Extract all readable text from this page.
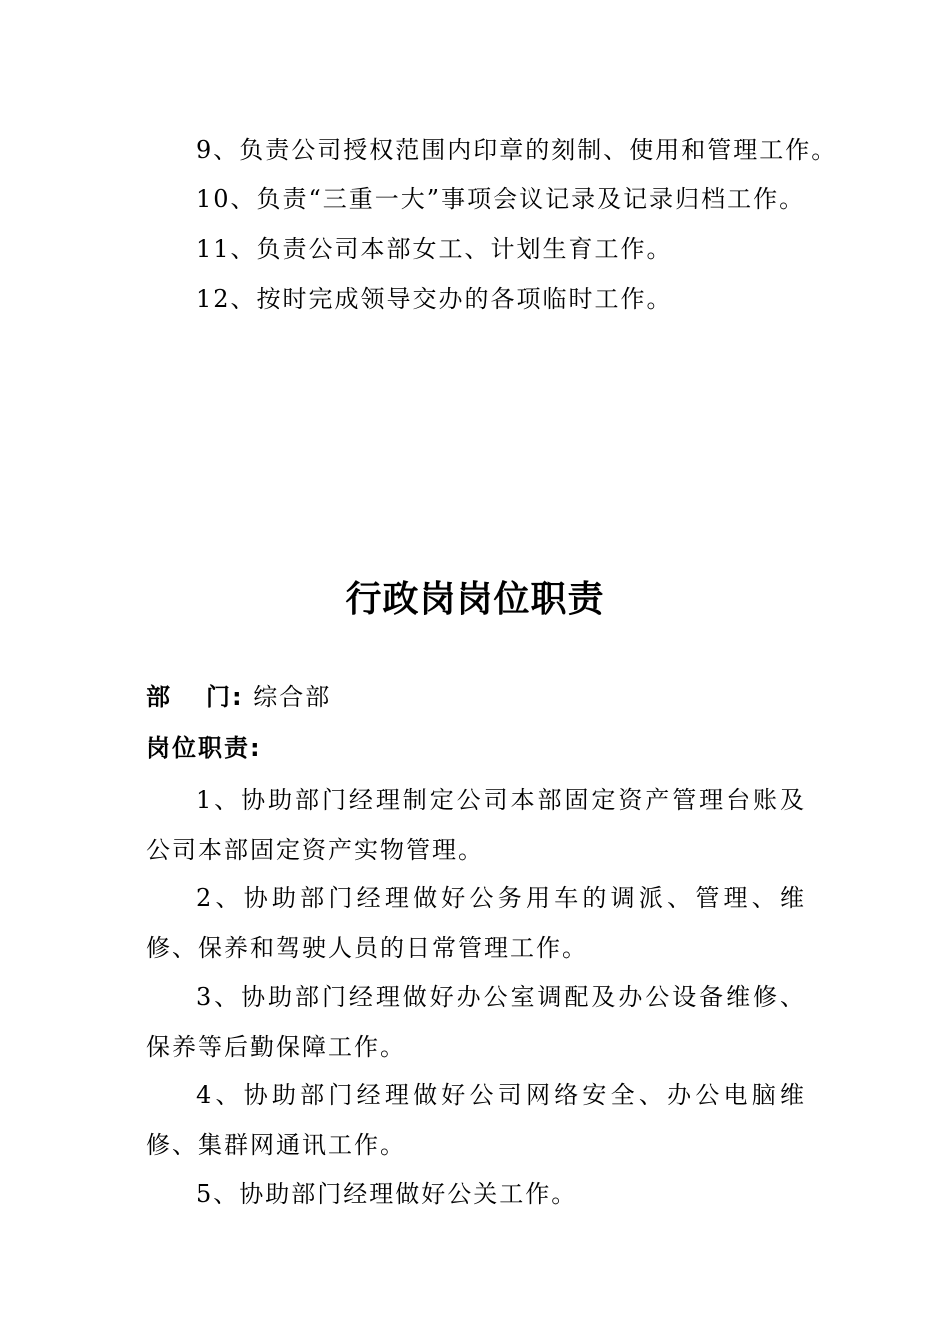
9、负责公司授权范围内印章的刻制、使用和管理工作。
10、负责“三重一大”事项会议记录及记录归档工作。
11、负责公司本部女工、计划生育工作。
12、按时完成领导交办的各项临时工作。
行政岗岗位职责
部 门: 综合部
岗位职责:
1、协助部门经理制定公司本部固定资产管理台账及公司本部固定资产实物管理。
2、协助部门经理做好公务用车的调派、管理、维修、保养和驾驶人员的日常管理工作。
3、协助部门经理做好办公室调配及办公设备维修、保养等后勤保障工作。
4、协助部门经理做好公司网络安全、办公电脑维修、集群网通讯工作。
5、协助部门经理做好公关工作。
